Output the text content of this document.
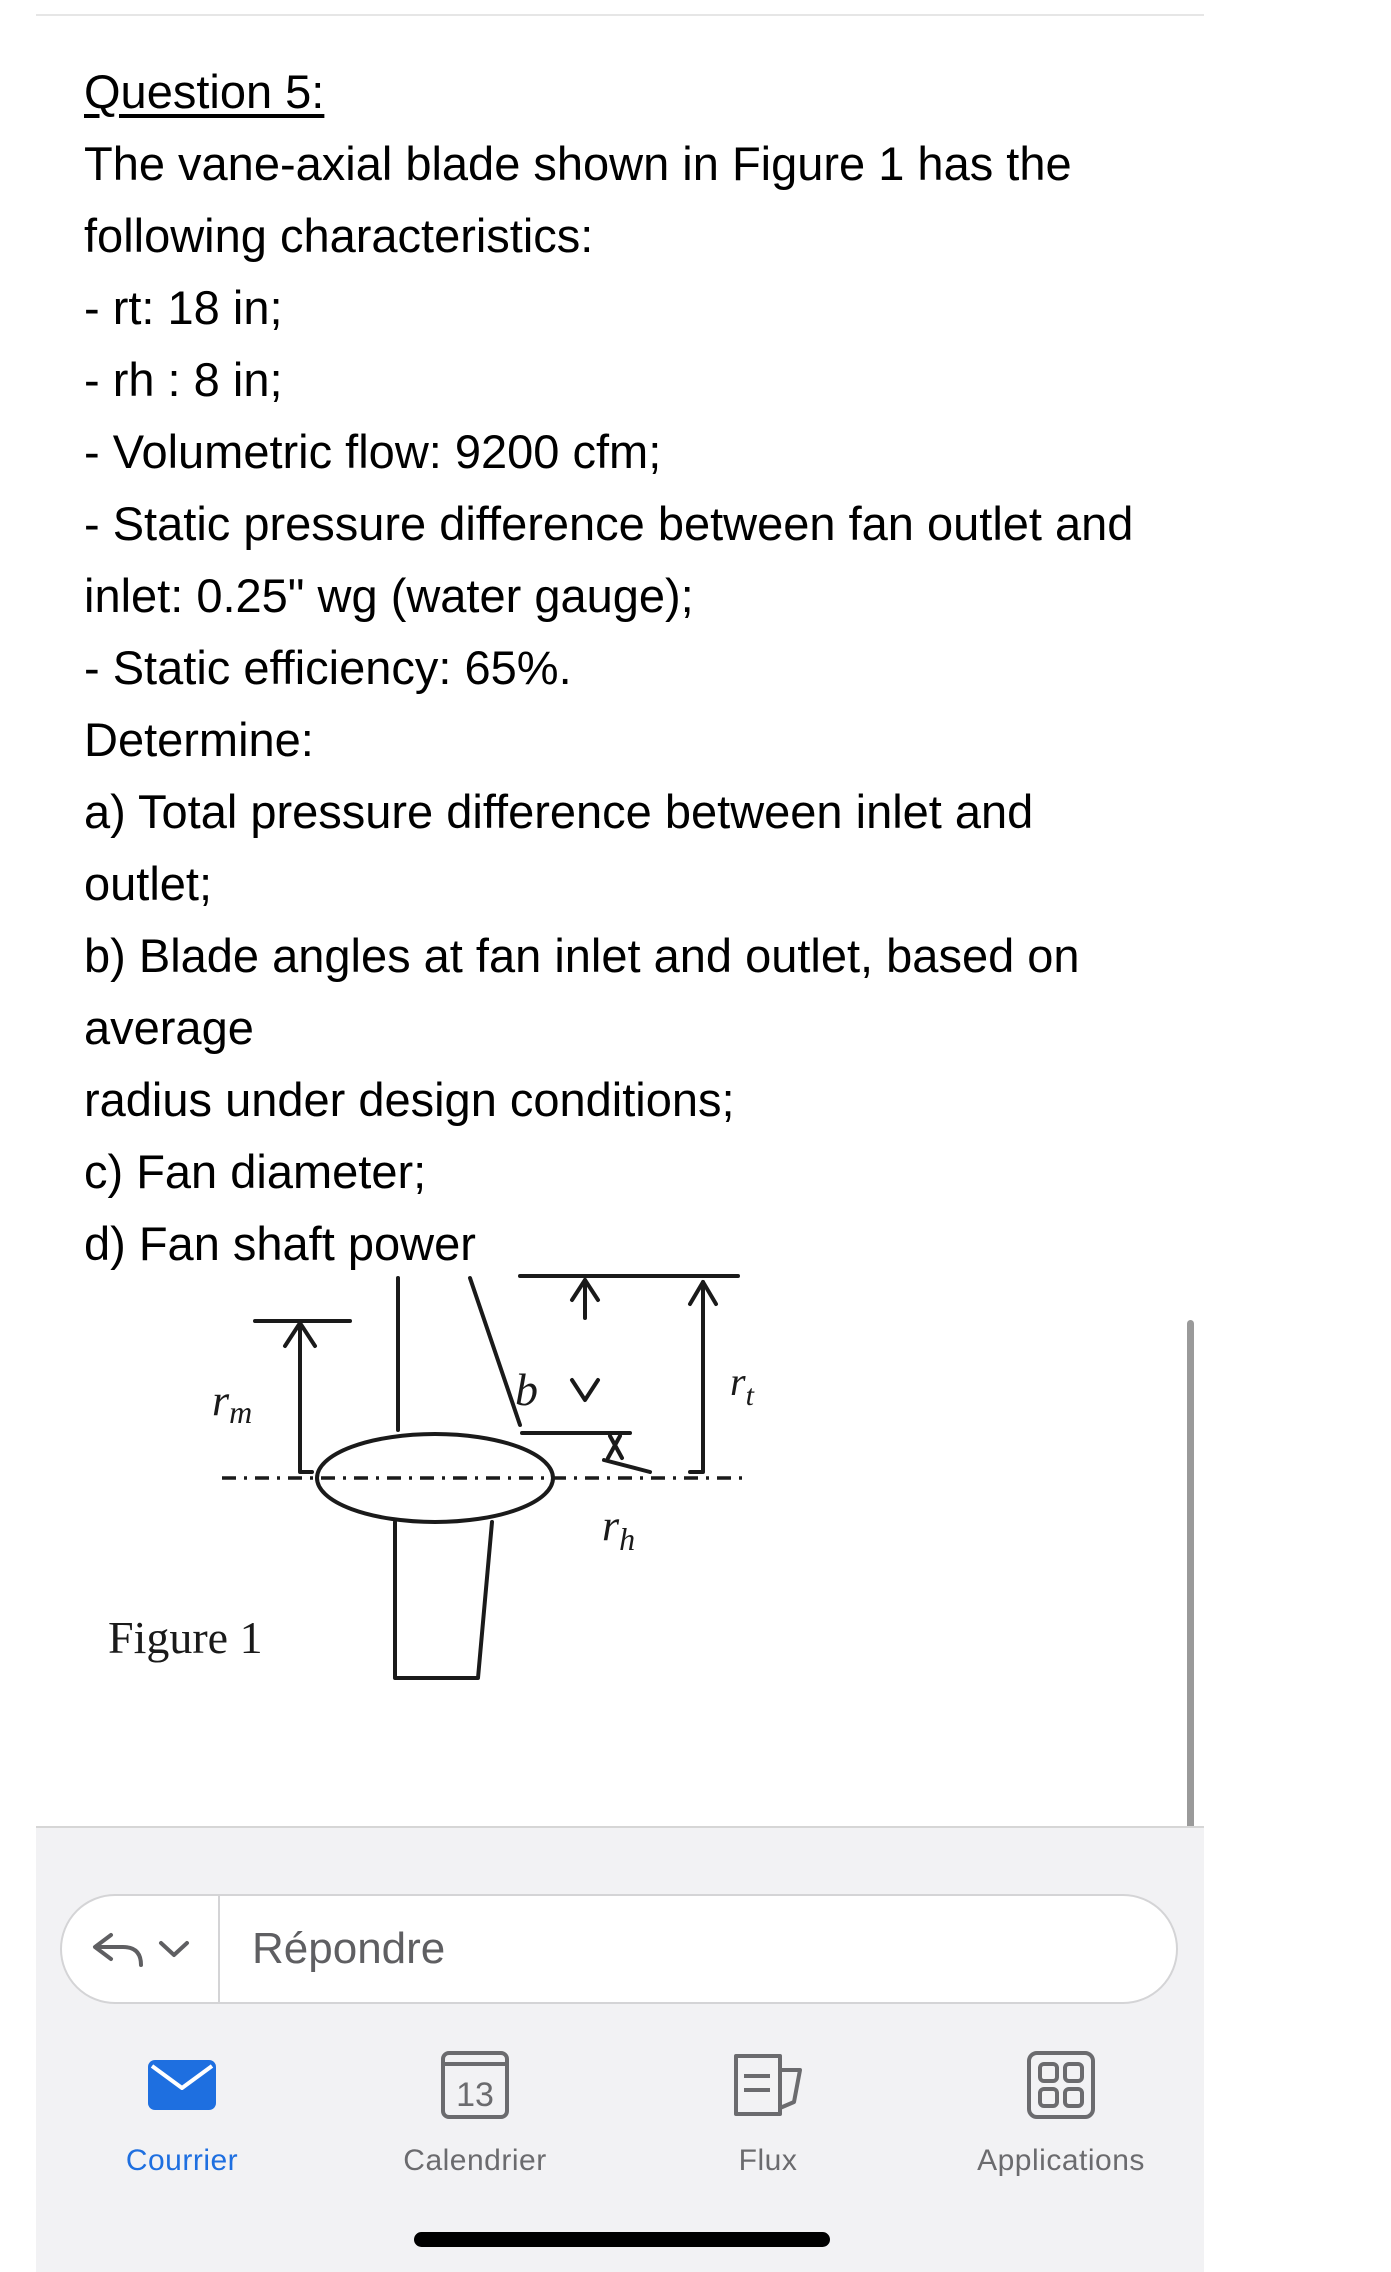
Question 5:
The vane-axial blade shown in Figure 1 has the
following characteristics:
- rt: 18 in;
- rh : 8 in;
- Volumetric flow: 9200 cfm;
- Static pressure difference between fan outlet and
inlet: 0.25" wg (water gauge);
- Static efficiency: 65%.
Determine:
a) Total pressure difference between inlet and
outlet;
b) Blade angles at fan inlet and outlet, based on
average
radius under design conditions;
c) Fan diameter;
d) Fan shaft power
rm	b	$r_t$
$r_h$
Figure 1
Répondre
Courrier
13
Calendrier	Flux	Applications
